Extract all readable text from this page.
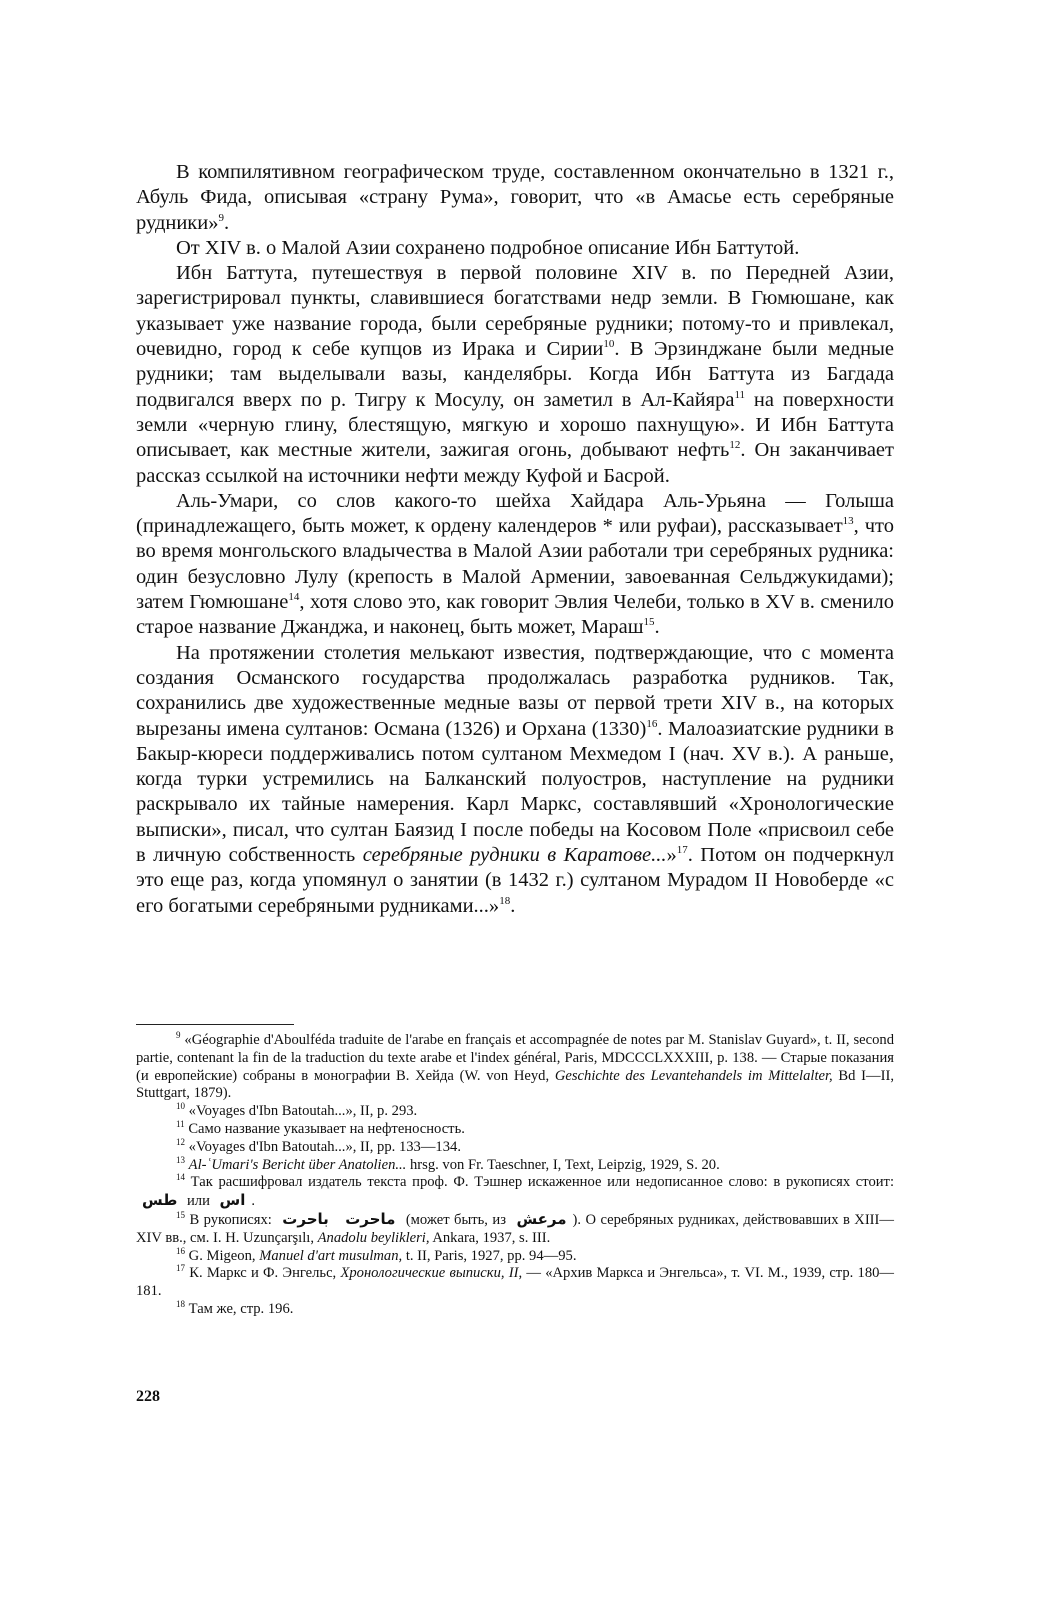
В компилятивном географическом труде, составленном окончательно в 1321 г., Абуль Фида, описывая «страну Рума», говорит, что «в Амасье есть серебряные рудники»$^9$.

От XIV в. о Малой Азии сохранено подробное описание Ибн Баттутой.

Ибн Баттута, путешествуя в первой половине XIV в. по Передней Азии, зарегистрировал пункты, славившиеся богатствами недр земли. В Гюмюшане, как указывает уже название города, были серебряные рудники; потому-то и привлекал, очевидно, город к себе купцов из Ирака и Сирии$^{10}$. В Эрзинджане были медные рудники; там выделывали вазы, канделябры. Когда Ибн Баттута из Багдада подвигался вверх по р. Тигру к Мосулу, он заметил в Ал-Кайяра$^{11}$ на поверхности земли «черную глину, блестящую, мягкую и хорошо пахнущую». И Ибн Баттута описывает, как местные жители, зажигая огонь, добывают нефть$^{12}$. Он заканчивает рассказ ссылкой на источники нефти между Куфой и Басрой.

Аль-Умари, со слов какого-то шейха Хайдара Аль-Урьяна — Голыша (принадлежащего, быть может, к ордену календеров * или руфаи), рассказывает$^{13}$, что во время монгольского владычества в Малой Азии работали три серебряных рудника: один безусловно Лулу (крепость в Малой Армении, завоеванная Сельджукидами); затем Гюмюшане$^{14}$, хотя слово это, как говорит Эвлия Челеби, только в XV в. сменило старое название Джанджа, и наконец, быть может, Мараш$^{15}$.

На протяжении столетия мелькают известия, подтверждающие, что с момента создания Османского государства продолжалась разработка рудников. Так, сохранились две художественные медные вазы от первой трети XIV в., на которых вырезаны имена султанов: Османа (1326) и Орхана $(1330)^{16}$. Малоазиатские рудники в Бакыр-кюреси поддерживались потом султаном Мехмедом I (нач. XV в.). А раньше, когда турки устремились на Балканский полуостров, наступление на рудники раскрывало их тайные намерения. Карл Маркс, составлявший «Хронологические выписки», писал, что султан Баязид I после победы на Косовом Поле «присвоил себе в личную собственность серебряные рудники в Каратове...»$^{17}$. Потом он подчеркнул это еще раз, когда упомянул о занятии (в 1432 г.) султаном Мурадом II Новоберде «с его богатыми серебряными рудниками...»$^{18}$.

$^9$ «Géographie d'Aboulféda traduite de l'arabe en français et accompagnée de notes par M. Stanislav Guyard», t. II, second partie, contenant la fin de la traduction du texte arabe et l'index général, Paris, MDCCCLXXXIII, p. 138. — Старые показания (и европейские) собраны в монографии В. Хейда (W. von Heyd, Geschichte des Levantehandels im Mittelalter, Bd I—II, Stuttgart, 1879).

$^{10}$ «Voyages d'Ibn Batoutah...», II, p. 293.

$^{11}$ Само название указывает на нефтеносность.

$^{12}$ «Voyages d'Ibn Batoutah...», II, pp. 133—134.

$^{13}$ Al-ʿUmari's Bericht über Anatolien... hrsg. von Fr. Taeschner, I, Text, Leipzig, 1929, S. 20.

$^{14}$ Так расшифровал издатель текста проф. Ф. Тэшнер искаженное или недописанное слово: в рукописях стоит: طس или اس .

$^{15}$ В рукописях: باحرت ماحرت (может быть, из مرعش ). О серебряных рудниках, действовавших в XIII—XIV вв., см. I. H. Uzunçarşılı, Anadolu beylikleri, Ankara, 1937, s. III.

$^{16}$ G. Migeon, Manuel d'art musulman, t. II, Paris, 1927, pp. 94—95.

$^{17}$ К. Маркс и Ф. Энгельс, Хронологические выписки, II, — «Архив Маркса и Энгельса», т. VI. М., 1939, стр. 180—181.

$^{18}$ Там же, стр. 196.

228
